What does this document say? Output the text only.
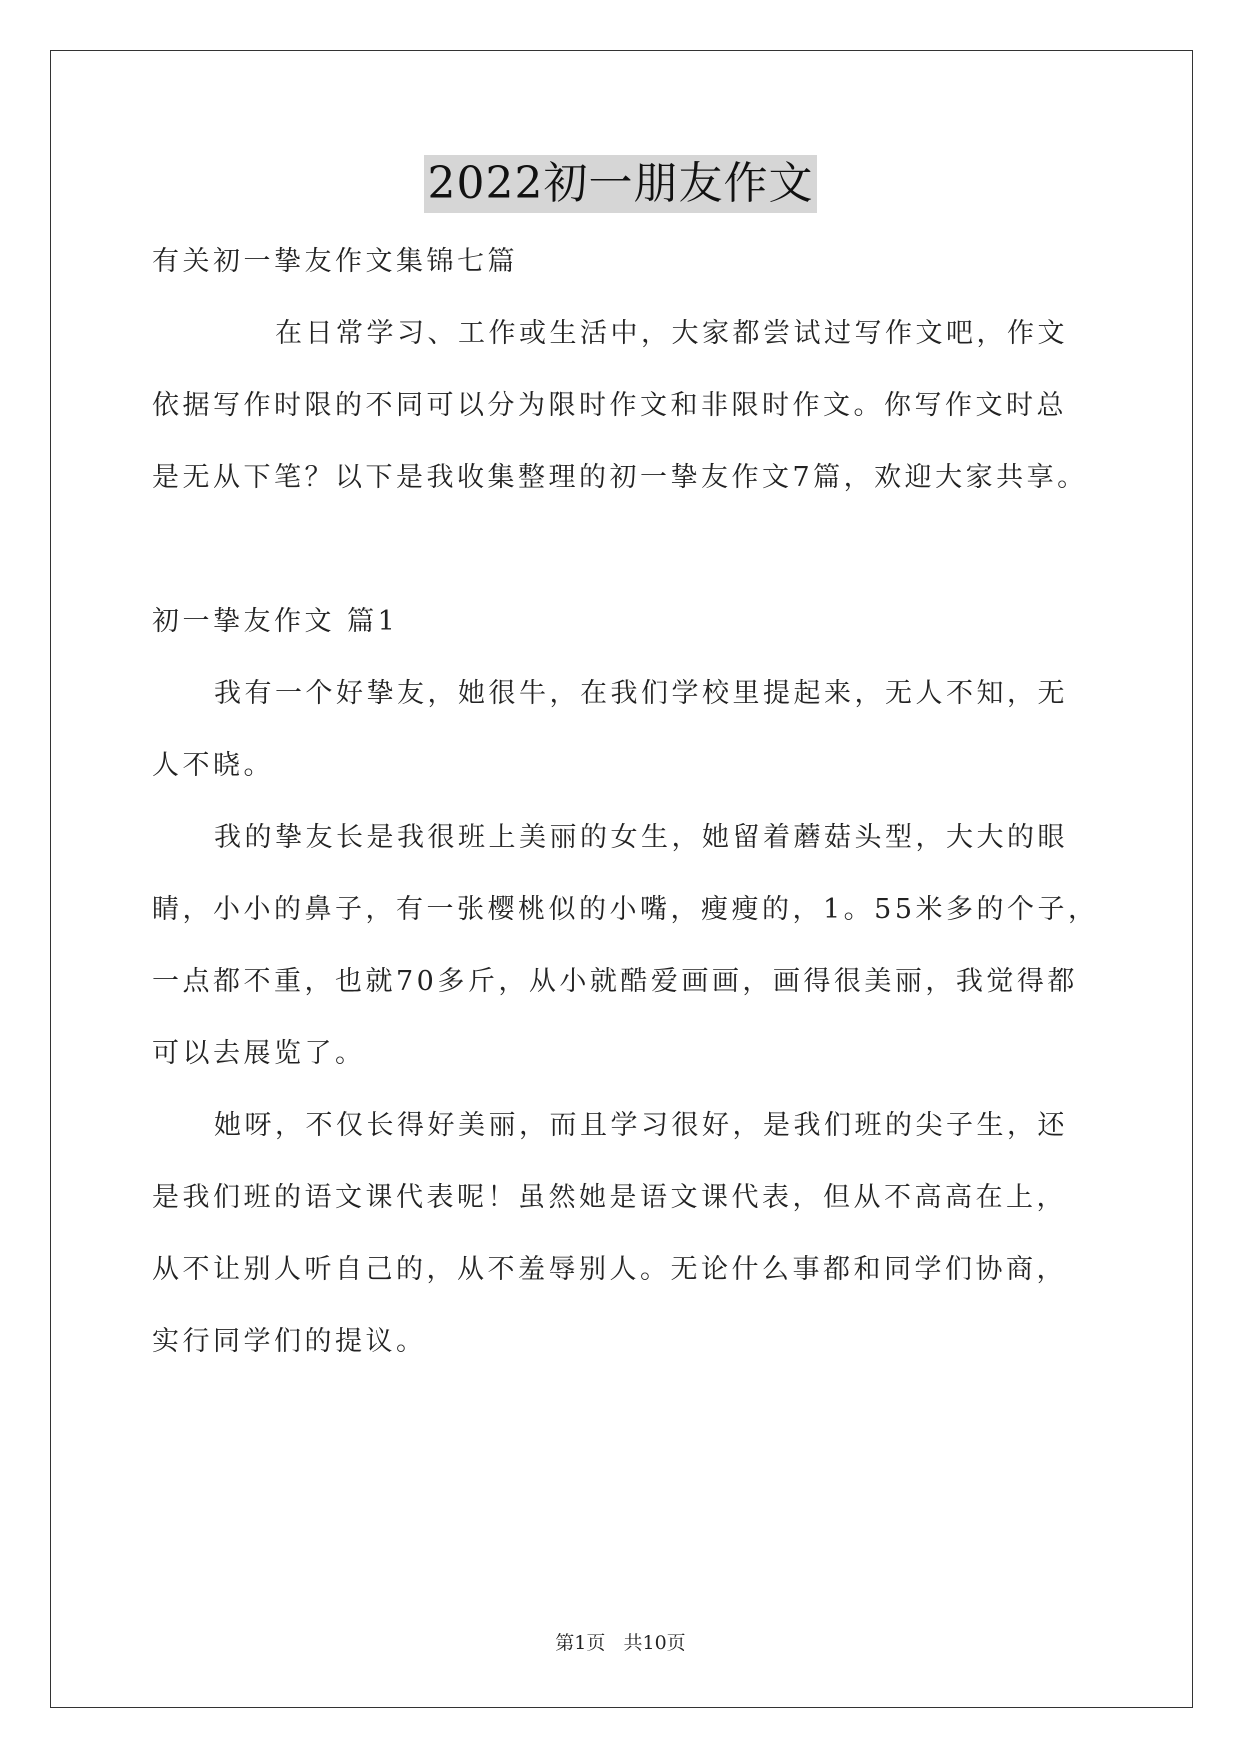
2022初一朋友作文
有关初一挚友作文集锦七篇
在日常学习、工作或生活中，大家都尝试过写作文吧，作文
依据写作时限的不同可以分为限时作文和非限时作文。你写作文时总
是无从下笔？以下是我收集整理的初一挚友作文7篇，欢迎大家共享。
初一挚友作文 篇1
我有一个好挚友，她很牛，在我们学校里提起来，无人不知，无
人不晓。
我的挚友长是我很班上美丽的女生，她留着蘑菇头型，大大的眼
睛，小小的鼻子，有一张樱桃似的小嘴，瘦瘦的，1。55米多的个子，
一点都不重，也就70多斤，从小就酷爱画画，画得很美丽，我觉得都
可以去展览了。
她呀，不仅长得好美丽，而且学习很好，是我们班的尖子生，还
是我们班的语文课代表呢！虽然她是语文课代表，但从不高高在上，
从不让别人听自己的，从不羞辱别人。无论什么事都和同学们协商，
实行同学们的提议。
第1页   共10页
